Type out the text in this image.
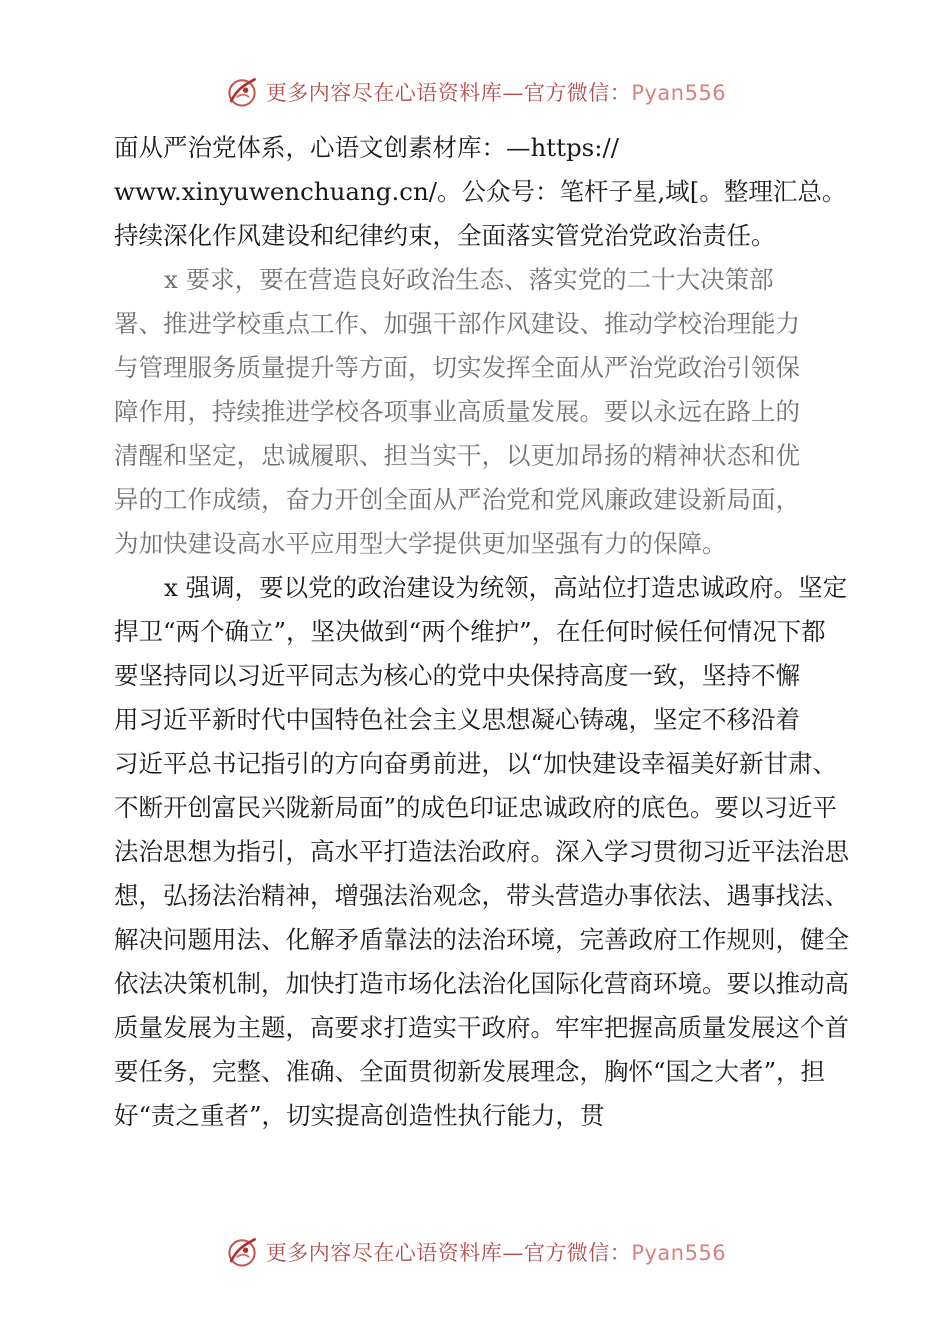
更多内容尽在心语资料库—官方微信：Pyan556

面从严治党体系，心语文创素材库：—https://
www.xinyuwenchuang.cn/。公众号：笔杆子星,域[。整理汇总。
持续深化作风建设和纪律约束，全面落实管党治党政治责任。

x 要求，要在营造良好政治生态、落实党的二十大决策部
署、推进学校重点工作、加强干部作风建设、推动学校治理能力
与管理服务质量提升等方面，切实发挥全面从严治党政治引领保
障作用，持续推进学校各项事业高质量发展。要以永远在路上的
清醒和坚定，忠诚履职、担当实干，以更加昂扬的精神状态和优
异的工作成绩，奋力开创全面从严治党和党风廉政建设新局面，
为加快建设高水平应用型大学提供更加坚强有力的保障。

x 强调，要以党的政治建设为统领，高站位打造忠诚政府。坚定
捍卫“两个确立”，坚决做到“两个维护”，在任何时候任何情况下都
要坚持同以习近平同志为核心的党中央保持高度一致，坚持不懈
用习近平新时代中国特色社会主义思想凝心铸魂，坚定不移沿着
习近平总书记指引的方向奋勇前进，以“加快建设幸福美好新甘肃、
不断开创富民兴陇新局面”的成色印证忠诚政府的底色。要以习近平
法治思想为指引，高水平打造法治政府。深入学习贯彻习近平法治思
想，弘扬法治精神，增强法治观念，带头营造办事依法、遇事找法、
解决问题用法、化解矛盾靠法的法治环境，完善政府工作规则，健全
依法决策机制，加快打造市场化法治化国际化营商环境。要以推动高
质量发展为主题，高要求打造实干政府。牢牢把握高质量发展这个首
要任务，完整、准确、全面贯彻新发展理念，胸怀“国之大者”，担
好“责之重者”，切实提高创造性执行能力，贯

更多内容尽在心语资料库—官方微信：Pyan556
